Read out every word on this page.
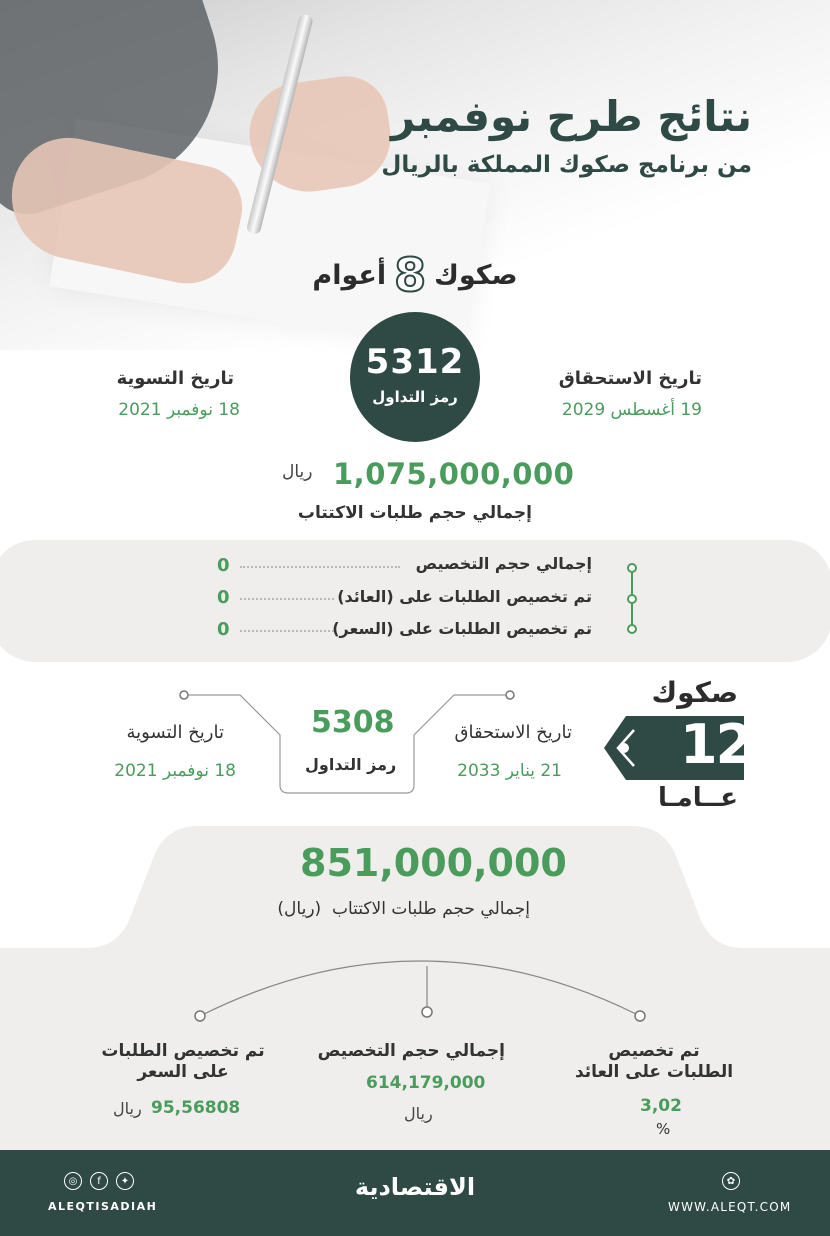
نتائج طرح نوفمبر
من برنامج صكوك المملكة بالريال
صكوك
8
أعوام
5312
رمز التداول
تاريخ الاستحقاق
19 أغسطس 2029
تاريخ التسوية
18 نوفمبر 2021
1,075,000,000
ريال
إجمالي حجم طلبات الاكتتاب
إجمالي حجم التخصيص
0
تم تخصيص الطلبات على (العائد)
0
تم تخصيص الطلبات على (السعر)
0
صكوك
12
عــامـا
5308
رمز التداول
تاريخ الاستحقاق
21 يناير 2033
تاريخ التسوية
18 نوفمبر 2021
851,000,000
إجمالي حجم طلبات الاكتتاب  (ريال)
تم تخصيص الطلبات على العائد
3,02
%
إجمالي حجم التخصيص
614,179,000
ريال
تم تخصيص الطلبات على السعر
95,56808
ريال
◎	f	✦
ALEQTISADIAH
الاقتصادية	✿
WWW.ALEQT.COM
